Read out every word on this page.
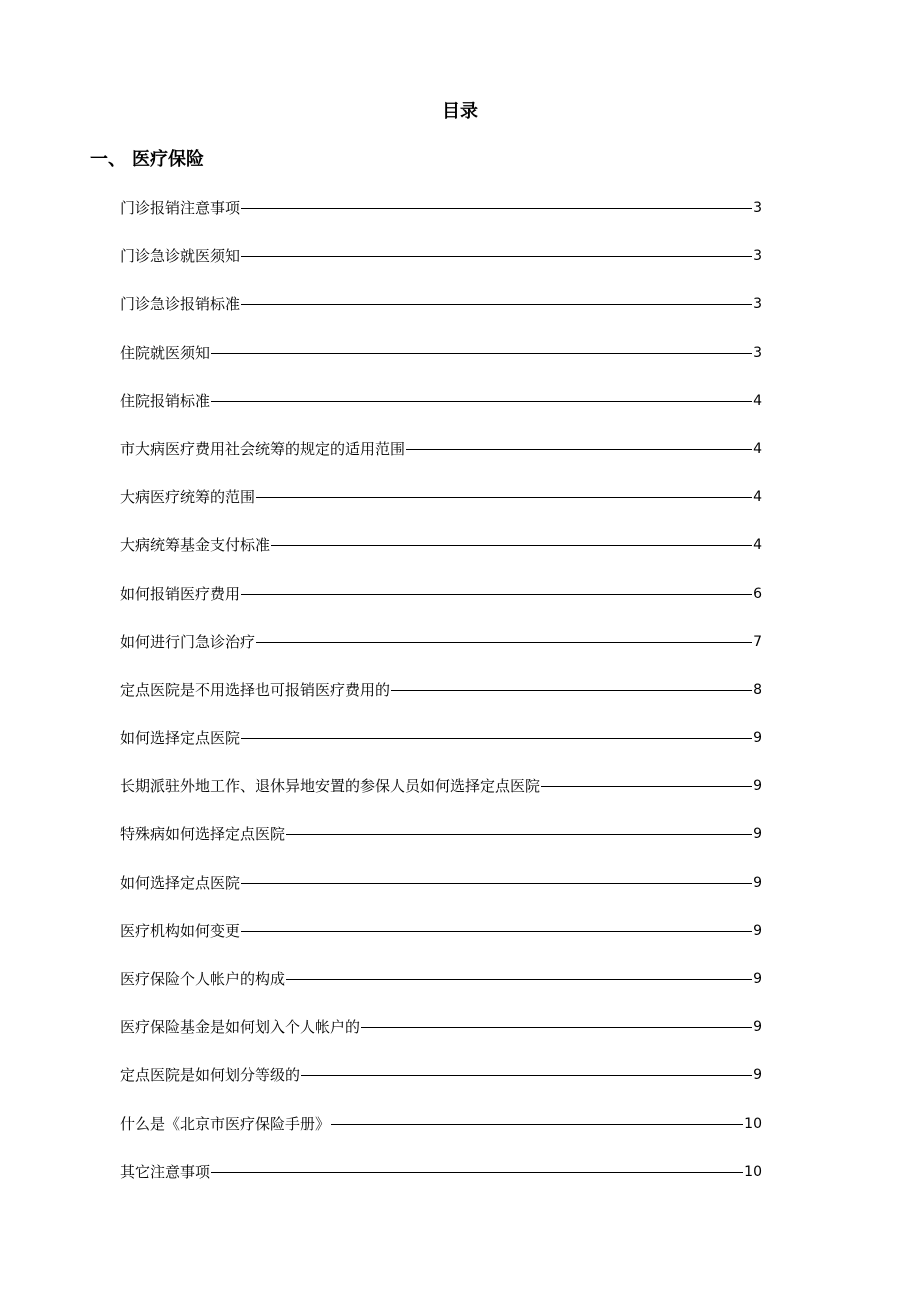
目录
一、 医疗保险
门诊报销注意事项	3
门诊急诊就医须知	3
门诊急诊报销标准	3
住院就医须知	3
住院报销标准	4
市大病医疗费用社会统筹的规定的适用范围	4
大病医疗统筹的范围	4
大病统筹基金支付标准	4
如何报销医疗费用	6
如何进行门急诊治疗	7
定点医院是不用选择也可报销医疗费用的	8
如何选择定点医院	9
长期派驻外地工作、退休异地安置的参保人员如何选择定点医院	9
特殊病如何选择定点医院	9
如何选择定点医院	9
医疗机构如何变更	9
医疗保险个人帐户的构成	9
医疗保险基金是如何划入个人帐户的	9
定点医院是如何划分等级的	9
什么是《北京市医疗保险手册》	10
其它注意事项	10
